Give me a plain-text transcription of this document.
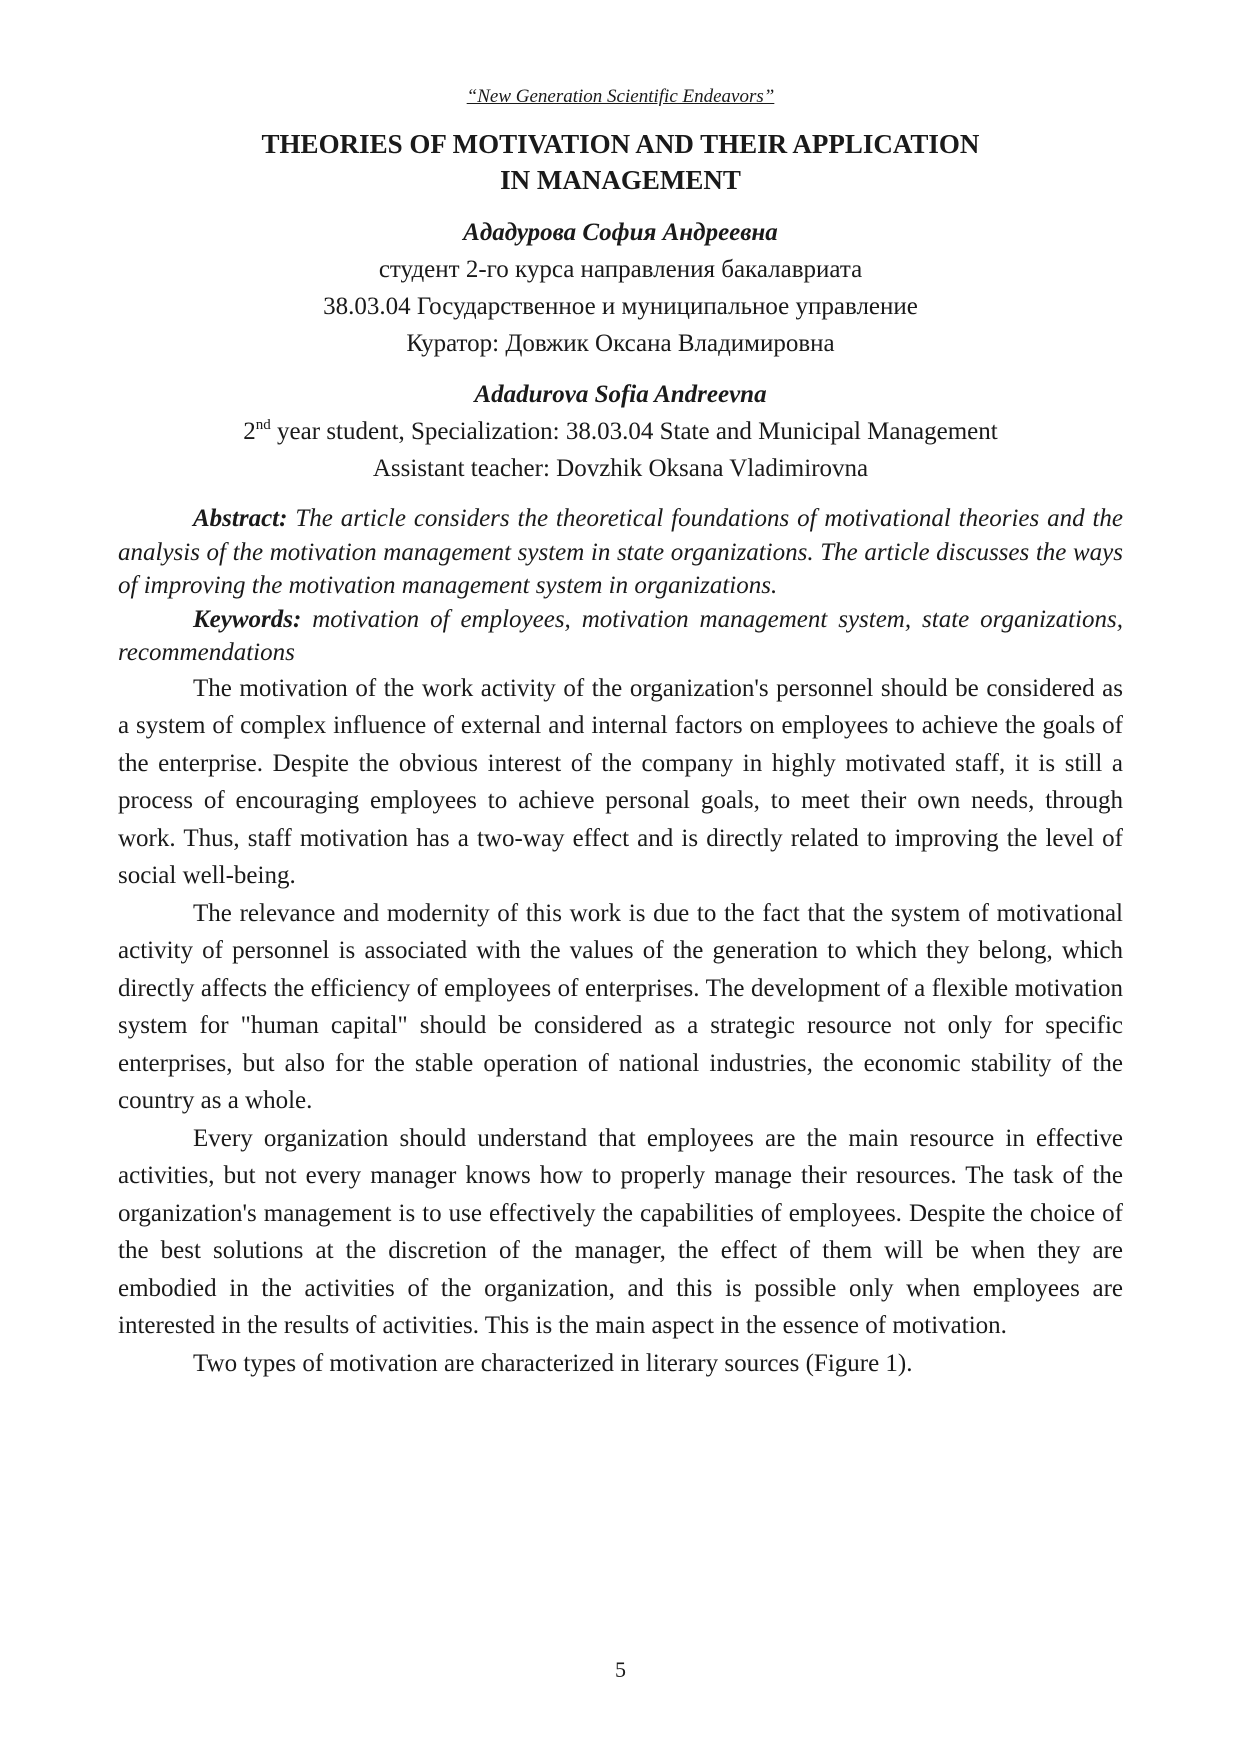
“New Generation Scientific Endeavors”
THEORIES OF MOTIVATION AND THEIR APPLICATION
IN MANAGEMENT
Ададурова София Андреевна
студент 2-го курса направления бакалавриата
38.03.04 Государственное и муниципальное управление
Куратор: Довжик Оксана Владимировна
Adadurova Sofia Andreevna
2nd year student, Specialization: 38.03.04 State and Municipal Management
Assistant teacher: Dovzhik Oksana Vladimirovna

Abstract: The article considers the theoretical foundations of motivational theories and the analysis of the motivation management system in state organizations. The article discusses the ways of improving the motivation management system in organizations.

Keywords: motivation of employees, motivation management system, state organizations, recommendations

The motivation of the work activity of the organization's personnel should be considered as a system of complex influence of external and internal factors on employees to achieve the goals of the enterprise. Despite the obvious interest of the company in highly motivated staff, it is still a process of encouraging employees to achieve personal goals, to meet their own needs, through work. Thus, staff motivation has a two-way effect and is directly related to improving the level of social well-being.

The relevance and modernity of this work is due to the fact that the system of motivational activity of personnel is associated with the values of the generation to which they belong, which directly affects the efficiency of employees of enterprises. The development of a flexible motivation system for "human capital" should be considered as a strategic resource not only for specific enterprises, but also for the stable operation of national industries, the economic stability of the country as a whole.

Every organization should understand that employees are the main resource in effective activities, but not every manager knows how to properly manage their resources. The task of the organization's management is to use effectively the capabilities of employees. Despite the choice of the best solutions at the discretion of the manager, the effect of them will be when they are embodied in the activities of the organization, and this is possible only when employees are interested in the results of activities. This is the main aspect in the essence of motivation.

Two types of motivation are characterized in literary sources (Figure 1).

5
